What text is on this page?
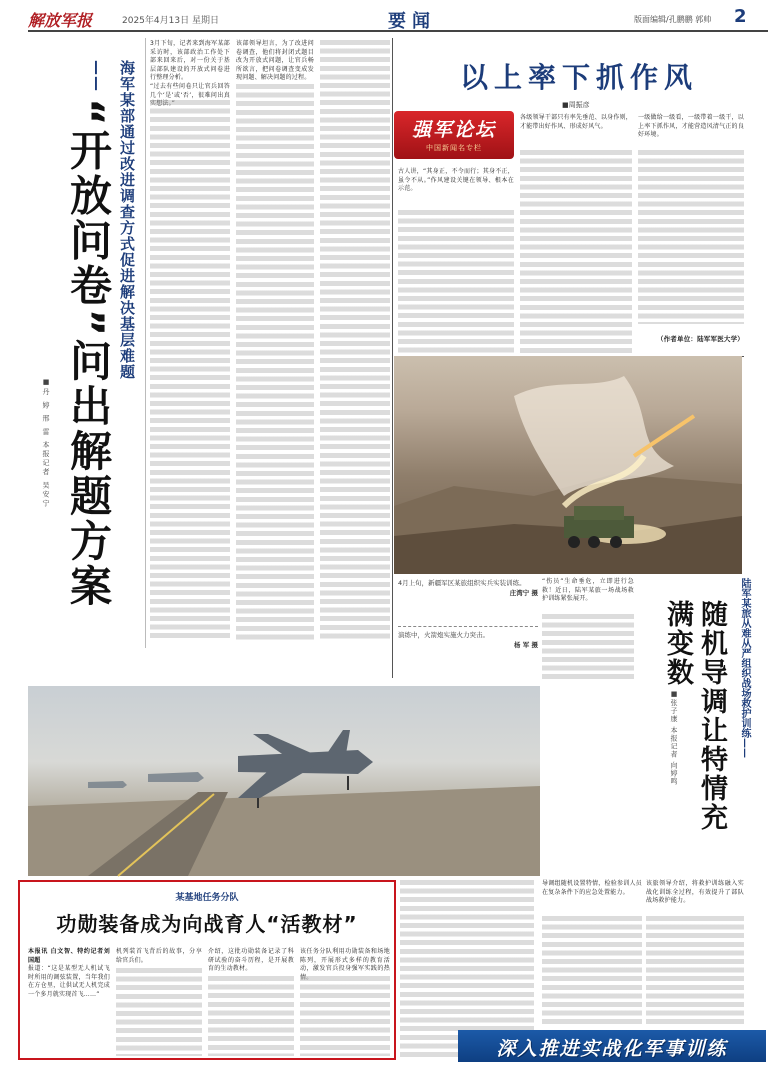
解放军报	2025年4月13日 星期日	要闻	版面编辑/孔鹏鹏 郭帅 2
海军某部通过改进调查方式促进解决基层难题——
“开放问卷”问出解题方案
■丹 婷 邢 雷 本报记者 吴安宁
3月下旬，记者来到海军某部采访时，该部政治工作处下部来回来后，对一份关于基层部队建设的开放式问卷进行整理分析。
“过去有些问卷只让官兵回答几个‘是’或‘否’，很难问出真实想法。”
该部领导坦言，为了改进问卷调查，他们将封闭式题目改为开放式问题，让官兵畅所欲言，把问卷调查变成发现问题、解决问题的过程。	以上率下抓作风
■周振彦
强军论坛
中国新闻名专栏
古人讲，“其身正，不令而行；其身不正，虽令不从。”作风建设关键在领导、根本在示范。
各级领导干部只有率先垂范、以身作则，才能带出好作风、形成好风气。
一级做给一级看，一级带着一级干，以上率下抓作风，才能营造风清气正的良好环境。
（作者单位：陆军军医大学）
4月上旬，新疆军区某旅组织实兵实装训练。
庄湾宁 摄
演练中，火箭炮实施火力突击。
杨 军 摄
“伤员”生命垂危，立即进行急救！近日，陆军某旅一场战场救护训练紧张展开。	陆军某旅从难从严组织战场救护训练——
随机导调让特情充满变数
■张子康 本报记者 向婷鸣
导调组随机设置特情，检验参训人员在复杂条件下的应急处置能力。
该旅领导介绍，将救护训练融入实战化训练全过程，有效提升了部队战场救护能力。
某基地任务分队
功勋装备成为向战育人“活教材”
本报讯 白文智、特约记者刘国超
报道：“这是某型无人机试飞时所用的调弦装置，当年我们在方仓里，让供试无人机完成一个多月就实现首飞……”
机列装首飞背后的故事，分享给官兵们。
介绍，这批功勋装备记录了科研试验的奋斗历程，是开展教育的生动教材。
该任务分队利用功勋装备和场地陈列，开展形式多样的教育活动，激发官兵投身强军实践的热情。
深入推进实战化军事训练
